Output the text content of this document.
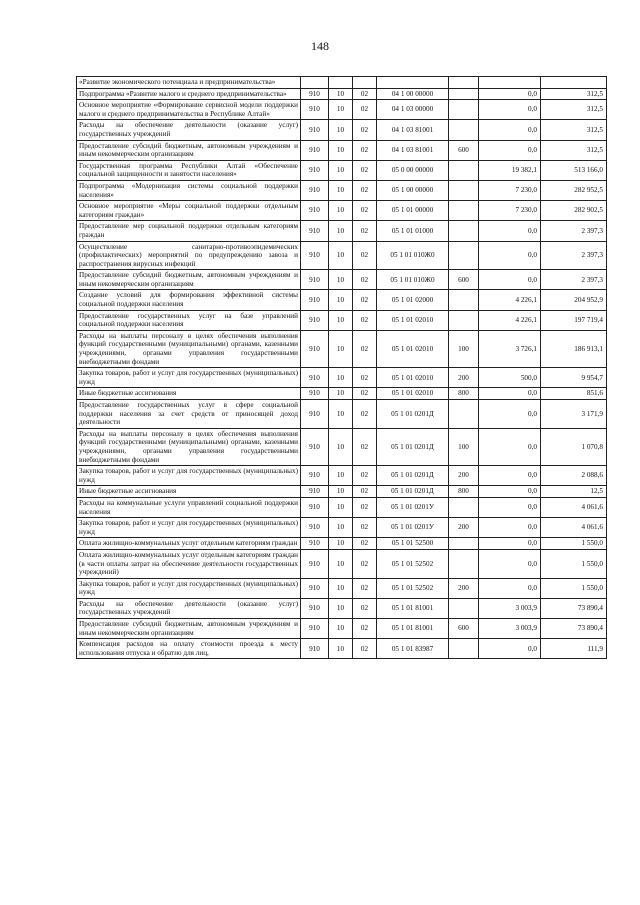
148
«Развитие экономического потенциала и предпринимательства»							
Подпрограмма «Развитие малого и среднего предпринимательства»	910	10	02	04 1 00 00000		0,0	312,5
Основное мероприятие «Формирование сервисной модели поддержки малого и среднего предпринимательства в Республике Алтай»	910	10	02	04 1 03 00000		0,0	312,5
Расходы на обеспечение деятельности (оказание услуг) государственных учреждений	910	10	02	04 1 03 81001		0,0	312,5
Предоставление субсидий бюджетным, автономным учреждениям и иным некоммерческим организациям	910	10	02	04 1 03 81001	600	0,0	312,5
Государственная программа Республики Алтай «Обеспечение социальной защищенности и занятости населения»	910	10	02	05 0 00 00000		19 382,1	513 166,0
Подпрограмма «Модернизация системы социальной поддержки населения»	910	10	02	05 1 00 00000		7 230,0	282 952,5
Основное мероприятие «Меры социальной поддержки отдельным категориям граждан»	910	10	02	05 1 01 00000		7 230,0	282 902,5
Предоставление мер социальной поддержки отдельным категориям граждан	910	10	02	05 1 01 01000		0,0	2 397,3
Осуществление санитарно-противоэпидемических (профилактических) мероприятий по предупреждению завоза и распространения вирусных инфекций	910	10	02	05 1 01 010Ж0		0,0	2 397,3
Предоставление субсидий бюджетным, автономным учреждениям и иным некоммерческим организациям	910	10	02	05 1 01 010Ж0	600	0,0	2 397,3
Создание условий для формирования эффективной системы социальной поддержки населения	910	10	02	05 1 01 02000		4 226,1	204 952,9
Предоставление государственных услуг на базе управлений социальной поддержки населения	910	10	02	05 1 01 02010		4 226,1	197 719,4
Расходы на выплаты персоналу в целях обеспечения выполнения функций государственными (муниципальными) органами, казенными учреждениями, органами управления государственными внебюджетными фондами	910	10	02	05 1 01 02010	100	3 726,1	186 913,1
Закупка товаров, работ и услуг для государственных (муниципальных) нужд	910	10	02	05 1 01 02010	200	500,0	9 954,7
Иные бюджетные ассигнования	910	10	02	05 1 01 02010	800	0,0	851,6
Предоставление государственных услуг в сфере социальной поддержки населения за счет средств от приносящей доход деятельности	910	10	02	05 1 01 0201Д		0,0	3 171,9
Расходы на выплаты персоналу в целях обеспечения выполнения функций государственными (муниципальными) органами, казенными учреждениями, органами управления государственными внебюджетными фондами	910	10	02	05 1 01 0201Д	100	0,0	1 070,8
Закупка товаров, работ и услуг для государственных (муниципальных) нужд	910	10	02	05 1 01 0201Д	200	0,0	2 088,6
Иные бюджетные ассигнования	910	10	02	05 1 01 0201Д	800	0,0	12,5
Расходы на коммунальные услуги управлений социальной поддержки населения	910	10	02	05 1 01 0201У		0,0	4 061,6
Закупка товаров, работ и услуг для государственных (муниципальных) нужд	910	10	02	05 1 01 0201У	200	0,0	4 061,6
Оплата жилищно-коммунальных услуг отдельным категориям граждан	910	10	02	05 1 01 52500		0,0	1 550,0
Оплата жилищно-коммунальных услуг отдельным категориям граждан (в части оплаты затрат на обеспечение деятельности государственных учреждений)	910	10	02	05 1 01 52502		0,0	1 550,0
Закупка товаров, работ и услуг для государственных (муниципальных) нужд	910	10	02	05 1 01 52502	200	0,0	1 550,0
Расходы на обеспечение деятельности (оказание услуг) государственных учреждений	910	10	02	05 1 01 81001		3 003,9	73 890,4
Предоставление субсидий бюджетным, автономным учреждениям и иным некоммерческим организациям	910	10	02	05 1 01 81001	600	3 003,9	73 890,4
Компенсация расходов на оплату стоимости проезда к месту использования отпуска и обратно для лиц,	910	10	02	05 1 01 83987		0,0	111,9
